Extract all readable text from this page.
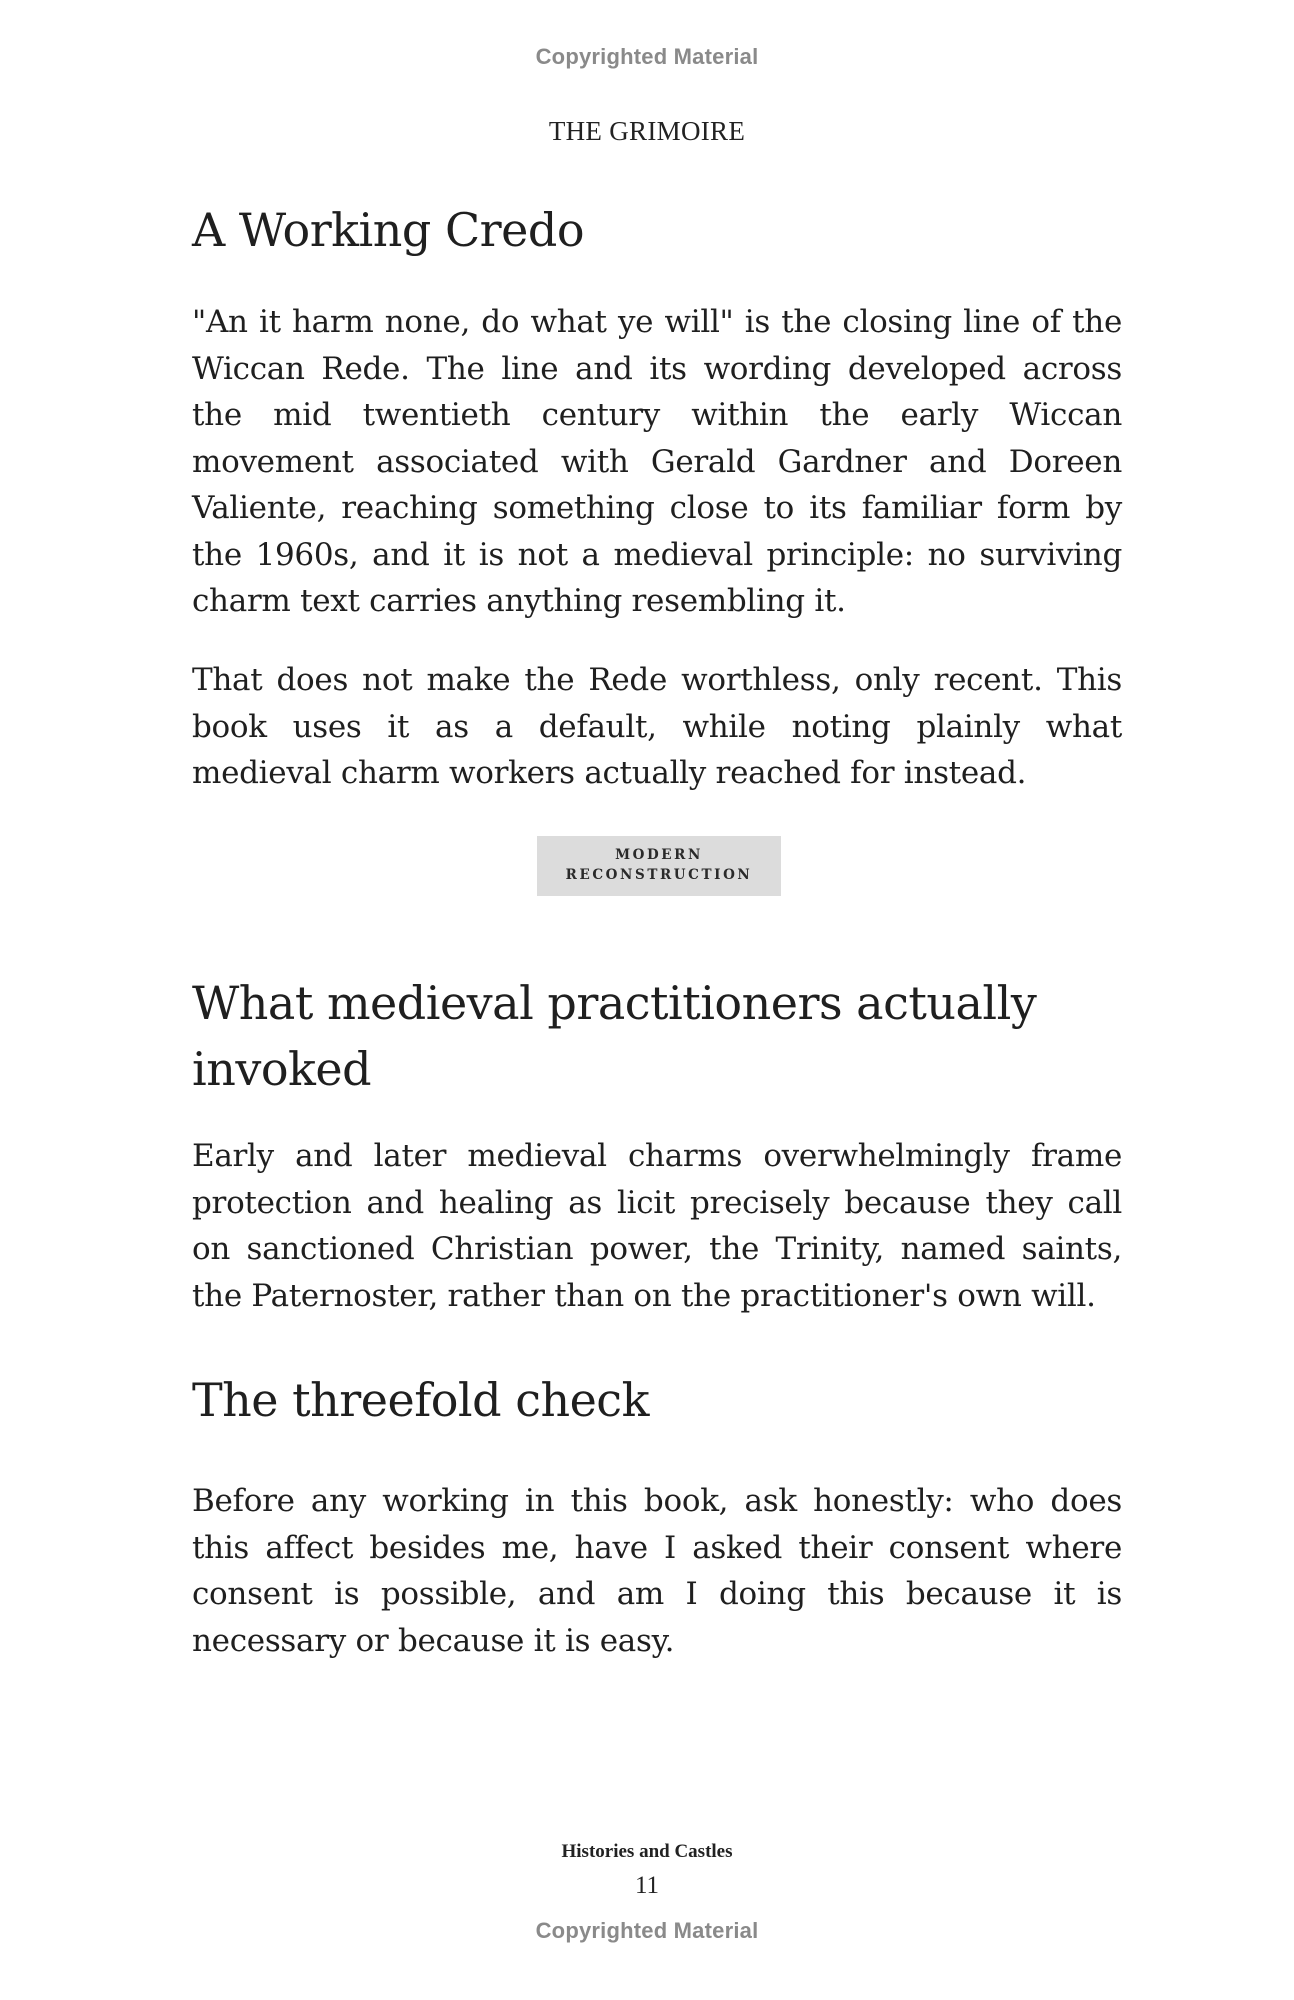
Copyrighted Material
THE GRIMOIRE
A Working Credo

"An it harm none, do what ye will" is the closing line of the Wiccan Rede. The line and its wording developed across the mid twentieth century within the early Wiccan movement associated with Gerald Gardner and Doreen Valiente, reaching something close to its familiar form by the 1960s, and it is not a medieval principle: no surviving charm text carries anything resembling it.

That does not make the Rede worthless, only recent. This book uses it as a default, while noting plainly what medieval charm workers actually reached for instead.

What medieval practitioners actually invoked

Early and later medieval charms overwhelmingly frame protection and healing as licit precisely because they call on sanctioned Christian power, the Trinity, named saints, the Paternoster, rather than on the practitioner's own will.

The threefold check

Before any working in this book, ask honestly: who does this affect besides me, have I asked their consent where consent is possible, and am I doing this because it is necessary or because it is easy.

MODERN
RECONSTRUCTION
Histories and Castles
11
Copyrighted Material
